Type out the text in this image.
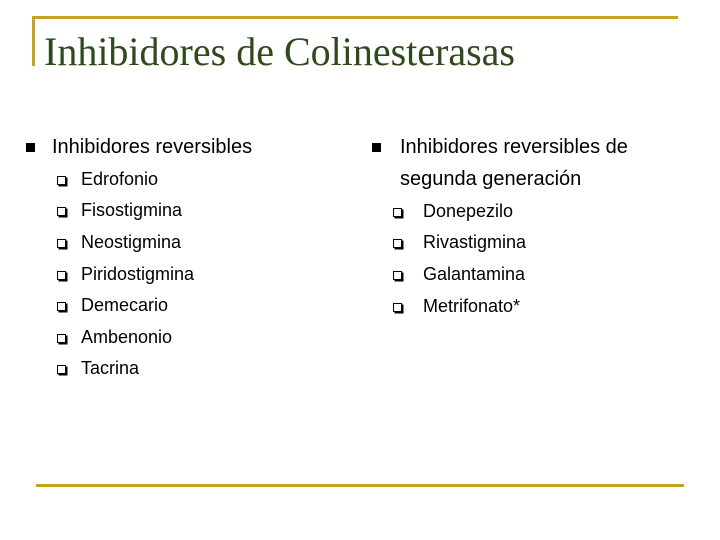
Inhibidores de Colinesterasas
Inhibidores reversibles
Edrofonio
Fisostigmina
Neostigmina
Piridostigmina
Demecario
Ambenonio
Tacrina
Inhibidores reversibles de segunda generación
Donepezilo
Rivastigmina
Galantamina
Metrifonato*
